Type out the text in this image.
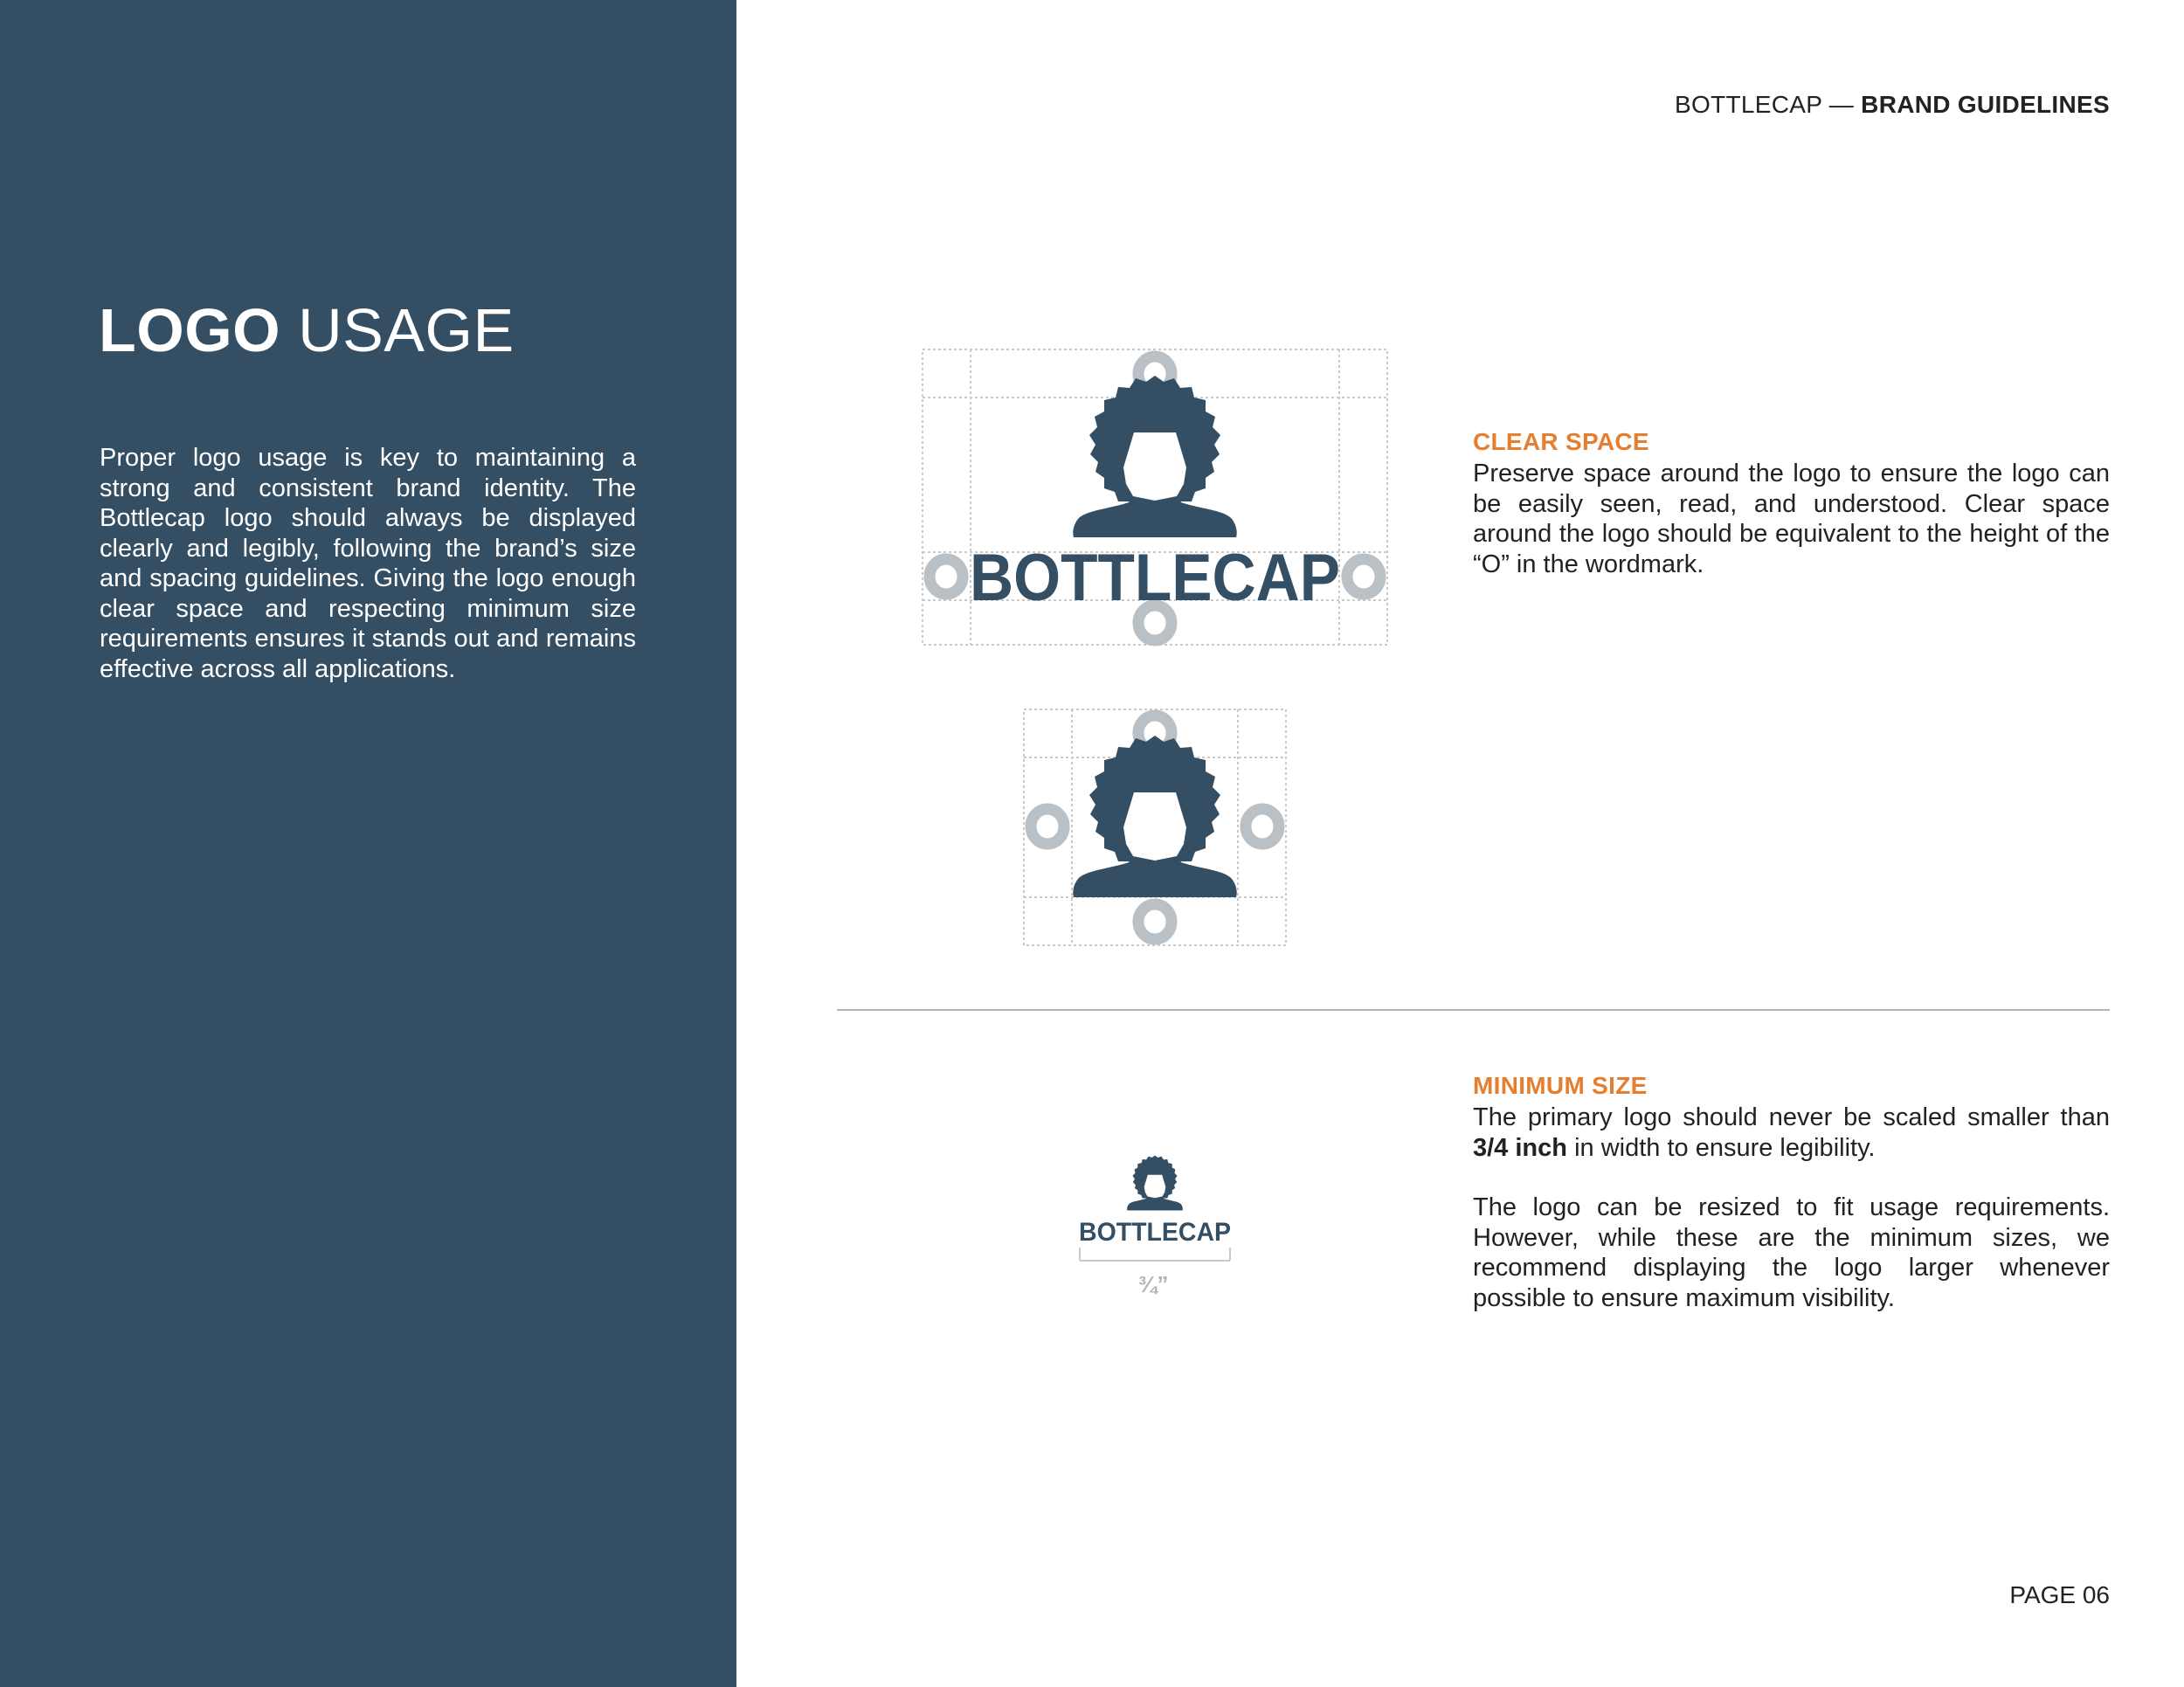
LOGO USAGE

Proper logo usage is key to maintaining a strong and consistent brand identity. The Bottlecap logo should always be displayed clearly and legibly, following the brand’s size and spacing guidelines. Giving the logo enough clear space and respecting minimum size requirements ensures it stands out and remains effective across all applications.

BOTTLECAP — BRAND GUIDELINES
BOTTLECAP
BOTTLECAP
¾”
CLEAR SPACE

Preserve space around the logo to ensure the logo can be easily seen, read, and understood. Clear space around the logo should be equivalent to the height of the “O” in the wordmark.

MINIMUM SIZE

The primary logo should never be scaled smaller than 3/4 inch in width to ensure legibility.

The logo can be resized to fit usage requirements. However, while these are the minimum sizes, we recommend displaying the logo larger whenever possible to ensure maximum visibility.

PAGE 06
